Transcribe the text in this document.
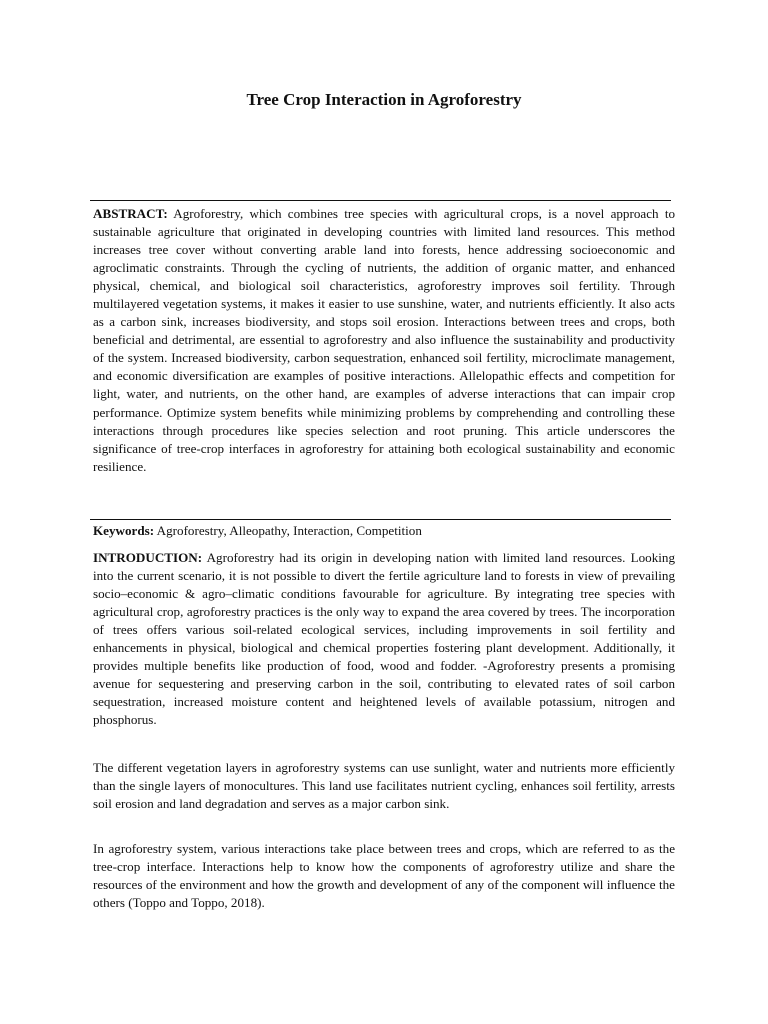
Tree Crop Interaction in Agroforestry

ABSTRACT: Agroforestry, which combines tree species with agricultural crops, is a novel approach to sustainable agriculture that originated in developing countries with limited land resources. This method increases tree cover without converting arable land into forests, hence addressing socioeconomic and agroclimatic constraints. Through the cycling of nutrients, the addition of organic matter, and enhanced physical, chemical, and biological soil characteristics, agroforestry improves soil fertility. Through multilayered vegetation systems, it makes it easier to use sunshine, water, and nutrients efficiently. It also acts as a carbon sink, increases biodiversity, and stops soil erosion. Interactions between trees and crops, both beneficial and detrimental, are essential to agroforestry and also influence the sustainability and productivity of the system. Increased biodiversity, carbon sequestration, enhanced soil fertility, microclimate management, and economic diversification are examples of positive interactions. Allelopathic effects and competition for light, water, and nutrients, on the other hand, are examples of adverse interactions that can impair crop performance. Optimize system benefits while minimizing problems by comprehending and controlling these interactions through procedures like species selection and root pruning. This article underscores the significance of tree-crop interfaces in agroforestry for attaining both ecological sustainability and economic resilience.

Keywords: Agroforestry, Alleopathy, Interaction, Competition

INTRODUCTION: Agroforestry had its origin in developing nation with limited land resources. Looking into the current scenario, it is not possible to divert the fertile agriculture land to forests in view of prevailing socio–economic & agro–climatic conditions favourable for agriculture. By integrating tree species with agricultural crop, agroforestry practices is the only way to expand the area covered by trees. The incorporation of trees offers various soil-related ecological services, including improvements in soil fertility and enhancements in physical, biological and chemical properties fostering plant development. Additionally, it provides multiple benefits like production of food, wood and fodder. -Agroforestry presents a promising avenue for sequestering and preserving carbon in the soil, contributing to elevated rates of soil carbon sequestration, increased moisture content and heightened levels of available potassium, nitrogen and phosphorus.

The different vegetation layers in agroforestry systems can use sunlight, water and nutrients more efficiently than the single layers of monocultures. This land use facilitates nutrient cycling, enhances soil fertility, arrests soil erosion and land degradation and serves as a major carbon sink.

In agroforestry system, various interactions take place between trees and crops, which are referred to as the tree-crop interface. Interactions help to know how the components of agroforestry utilize and share the resources of the environment and how the growth and development of any of the component will influence the others (Toppo and Toppo, 2018).
